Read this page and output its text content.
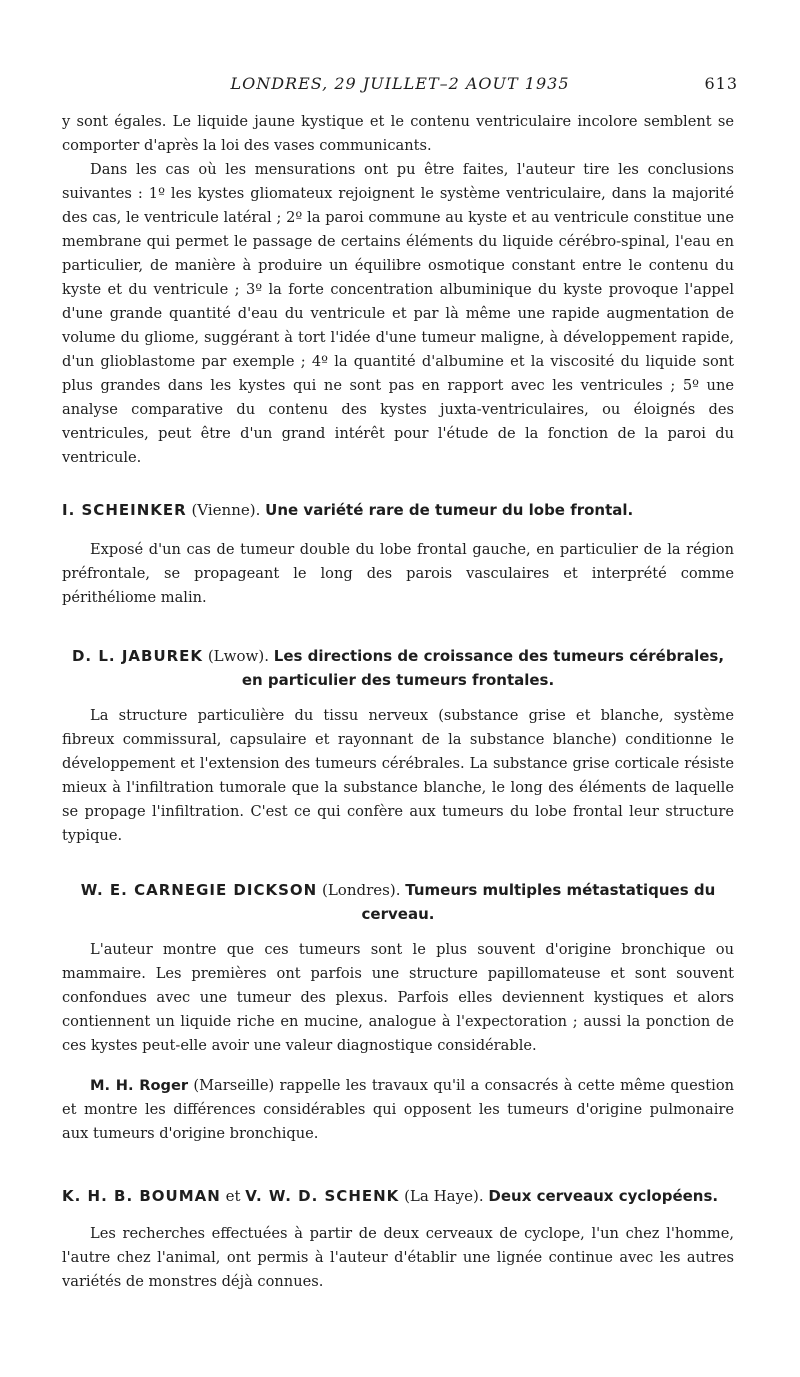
LONDRES, 29 JUILLET–2 AOUT 1935	613

y sont égales. Le liquide jaune kystique et le contenu ventriculaire incolore semblent se comporter d'après la loi des vases communicants.

Dans les cas où les mensurations ont pu être faites, l'auteur tire les conclusions suivantes : 1º les kystes gliomateux rejoignent le système ventriculaire, dans la majorité des cas, le ventricule latéral ; 2º la paroi commune au kyste et au ventricule constitue une membrane qui permet le passage de certains éléments du liquide cérébro-spinal, l'eau en particulier, de manière à produire un équilibre osmotique constant entre le contenu du kyste et du ventricule ; 3º la forte concentration albuminique du kyste provoque l'appel d'une grande quantité d'eau du ventricule et par là même une rapide augmentation de volume du gliome, suggérant à tort l'idée d'une tumeur maligne, à développement rapide, d'un glioblastome par exemple ; 4º la quantité d'albumine et la viscosité du liquide sont plus grandes dans les kystes qui ne sont pas en rapport avec les ventricules ; 5º une analyse comparative du contenu des kystes juxta-ventriculaires, ou éloignés des ventricules, peut être d'un grand intérêt pour l'étude de la fonction de la paroi du ventricule.

I. SCHEINKER (Vienne). Une variété rare de tumeur du lobe frontal.

Exposé d'un cas de tumeur double du lobe frontal gauche, en particulier de la région préfrontale, se propageant le long des parois vasculaires et interprété comme périthéliome malin.

D. L. JABUREK (Lwow). Les directions de croissance des tumeurs cérébrales, en particulier des tumeurs frontales.

La structure particulière du tissu nerveux (substance grise et blanche, système fibreux commissural, capsulaire et rayonnant de la substance blanche) conditionne le développement et l'extension des tumeurs cérébrales. La substance grise corticale résiste mieux à l'infiltration tumorale que la substance blanche, le long des éléments de laquelle se propage l'infiltration. C'est ce qui confère aux tumeurs du lobe frontal leur structure typique.

W. E. CARNEGIE DICKSON (Londres). Tumeurs multiples métastatiques du cerveau.

L'auteur montre que ces tumeurs sont le plus souvent d'origine bronchique ou mammaire. Les premières ont parfois une structure papillomateuse et sont souvent confondues avec une tumeur des plexus. Parfois elles deviennent kystiques et alors contiennent un liquide riche en mucine, analogue à l'expectoration ; aussi la ponction de ces kystes peut-elle avoir une valeur diagnostique considérable.

M. H. Roger (Marseille) rappelle les travaux qu'il a consacrés à cette même question et montre les différences considérables qui opposent les tumeurs d'origine pulmonaire aux tumeurs d'origine bronchique.

K. H. B. BOUMAN et V. W. D. SCHENK (La Haye). Deux cerveaux cyclopéens.

Les recherches effectuées à partir de deux cerveaux de cyclope, l'un chez l'homme, l'autre chez l'animal, ont permis à l'auteur d'établir une lignée continue avec les autres variétés de monstres déjà connues.
